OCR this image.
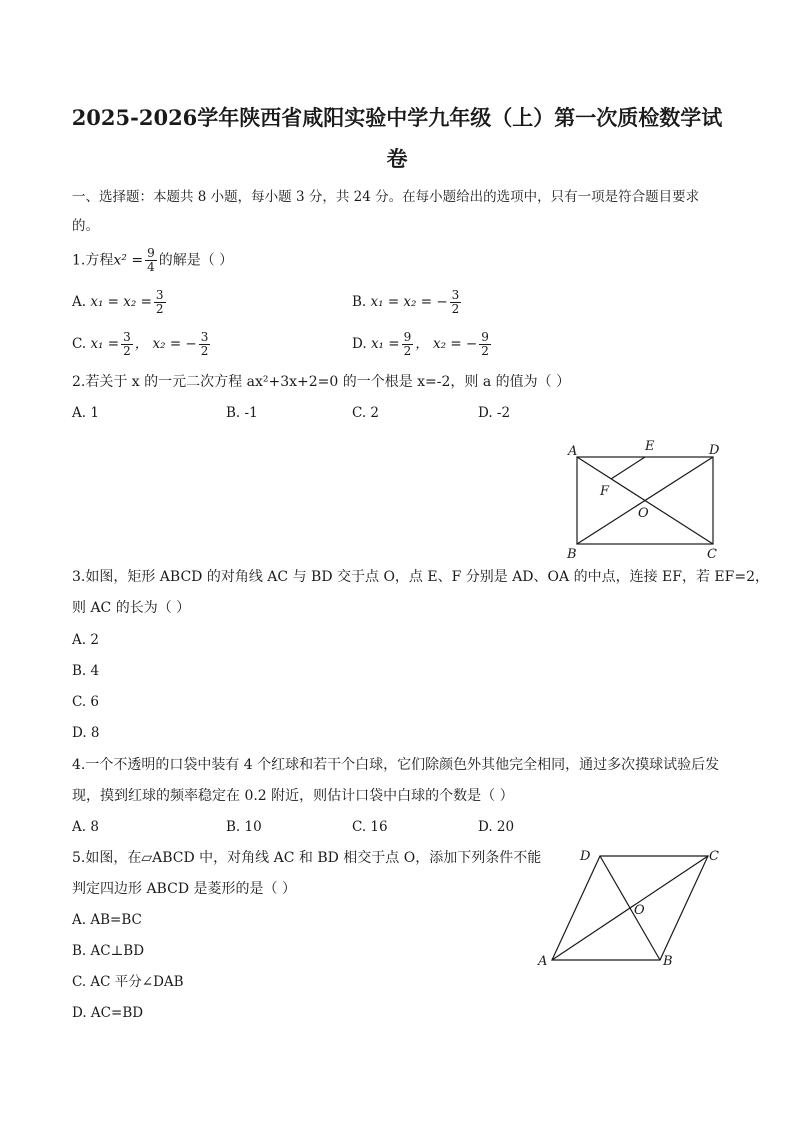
2025-2026学年陕西省咸阳实验中学九年级（上）第一次质检数学试
卷
一、选择题：本题共 8 小题，每小题 3 分，共 24 分。在每小题给出的选项中，只有一项是符合题目要求
的。
1.方程$x^2 = \frac{9}{4}$ 的解是（ ）
A. $x_1 = x_2 = \frac{3}{2}$	B. x₁ = x₂ = − $\frac{3}{2}$
C. $x_1 = \frac{3}{2}$ ， x₂ = − $\frac{3}{2}$	D. $x_1 = \frac{9}{2}$ ， x₂ = − $\frac{9}{2}$
2.若关于 x 的一元二次方程 ax²+3x+2=0 的一个根是 x=-2，则 a 的值为（ ）
A. 1	B. -1	C. 2	D. -2
A	E	D
F
O
B	C
3.如图，矩形 ABCD 的对角线 AC 与 BD 交于点 O，点 E、F 分别是 AD、OA 的中点，连接 EF，若 EF=2，
则 AC 的长为（ ）
A. 2
B. 4
C. 6
D. 8
4.一个不透明的口袋中装有 4 个红球和若干个白球，它们除颜色外其他完全相同，通过多次摸球试验后发
现，摸到红球的频率稳定在 0.2 附近，则估计口袋中白球的个数是（ ）
A. 8	B. 10	C. 16	D. 20
5.如图，在▱ABCD 中，对角线 AC 和 BD 相交于点 O，添加下列条件不能
判定四边形 ABCD 是菱形的是（ ）
A. AB=BC
B. AC⊥BD
C. AC 平分∠DAB
D. AC=BD
D	C
O
A	B
